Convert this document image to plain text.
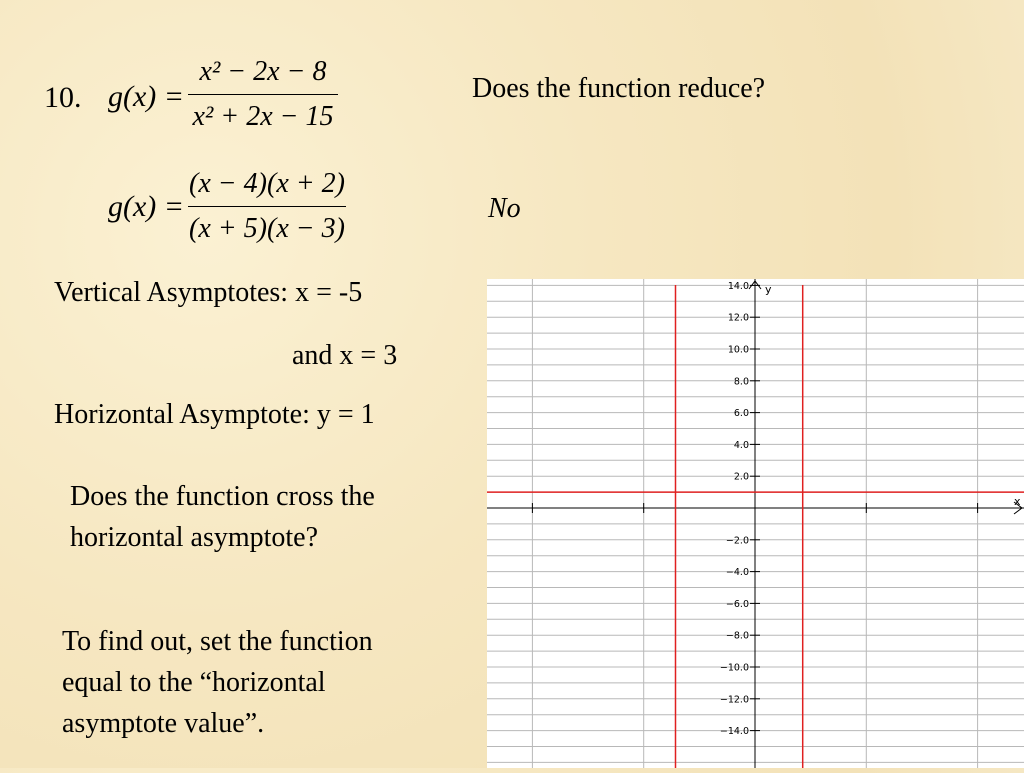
10. g(x) =
x² − 2x − 8
x² + 2x − 15
g(x) =
(x − 4)(x + 2)
(x + 5)(x − 3)
Does the function reduce?
No
Vertical Asymptotes: x = -5
and x = 3
Horizontal Asymptote: y = 1
Does the function cross the
horizontal asymptote?
To find out, set the function
equal to the “horizontal
asymptote value”.
y
x
14.0
12.0
10.0
8.0
6.0
4.0
2.0
−2.0
−4.0
−6.0
−8.0
−10.0
−12.0
−14.0
